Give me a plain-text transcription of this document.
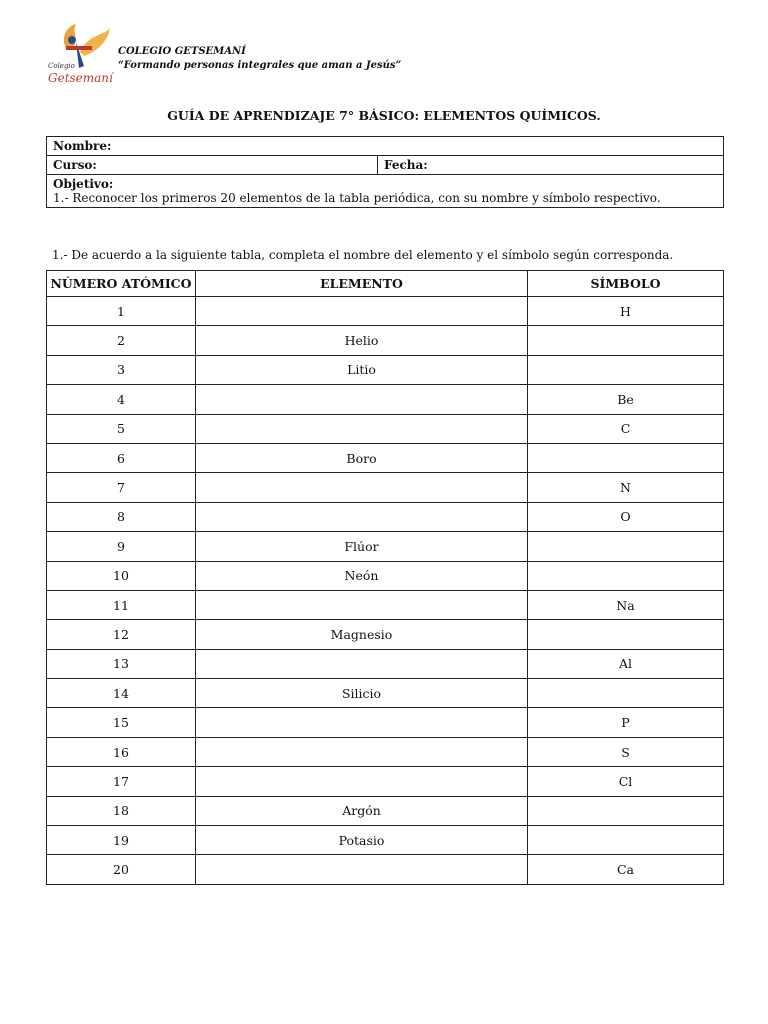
Colegio
Getsemaní
COLEGIO GETSEMANÍ
“Formando personas integrales que aman a Jesús”
GUÍA DE APRENDIZAJE 7° BÁSICO: ELEMENTOS QUÍMICOS.
Nombre:
Curso:	Fecha:

Objetivo:
1.- Reconocer los primeros 20 elementos de la tabla periódica, con su nombre y símbolo respectivo.
1.- De acuerdo a la siguiente tabla, completa el nombre del elemento y el símbolo según corresponda.
NÚMERO ATÓMICO	ELEMENTO	SÍMBOLO
1		H
2	Helio	
3	Litio	
4		Be
5		C
6	Boro	
7		N
8		O
9	Flúor	
10	Neón	
11		Na
12	Magnesio	
13		Al
14	Silicio	
15		P
16		S
17		Cl
18	Argón	
19	Potasio	
20		Ca
